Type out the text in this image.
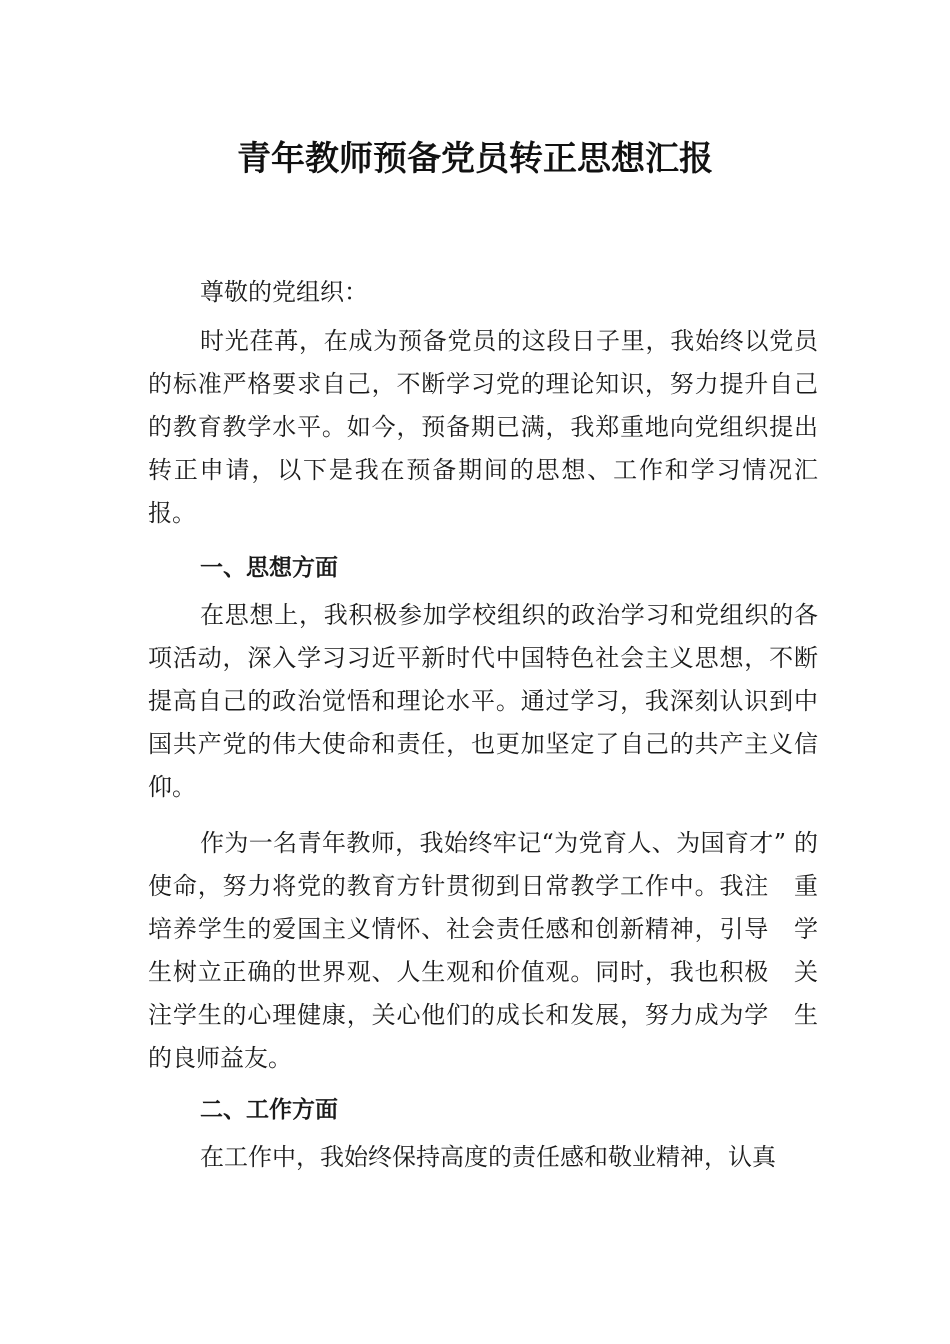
青年教师预备党员转正思想汇报

尊敬的党组织：

时光荏苒，在成为预备党员的这段日子里，我始终以党员的标准严格要求自己，不断学习党的理论知识，努力提升自己的教育教学水平。如今，预备期已满，我郑重地向党组织提出转正申请，以下是我在预备期间的思想、工作和学习情况汇报。

一、思想方面

在思想上，我积极参加学校组织的政治学习和党组织的各项活动，深入学习习近平新时代中国特色社会主义思想，不断提高自己的政治觉悟和理论水平。通过学习，我深刻认识到中国共产党的伟大使命和责任，也更加坚定了自己的共产主义信仰。

作为一名青年教师，我始终牢记“为党育人、为国育才” 的使命，努力将党的教育方针贯彻到日常教学工作中。我注　重培养学生的爱国主义情怀、社会责任感和创新精神，引导　学生树立正确的世界观、人生观和价值观。同时，我也积极　关注学生的心理健康，关心他们的成长和发展，努力成为学　生的良师益友。

二、工作方面

在工作中，我始终保持高度的责任感和敬业精神，认真
